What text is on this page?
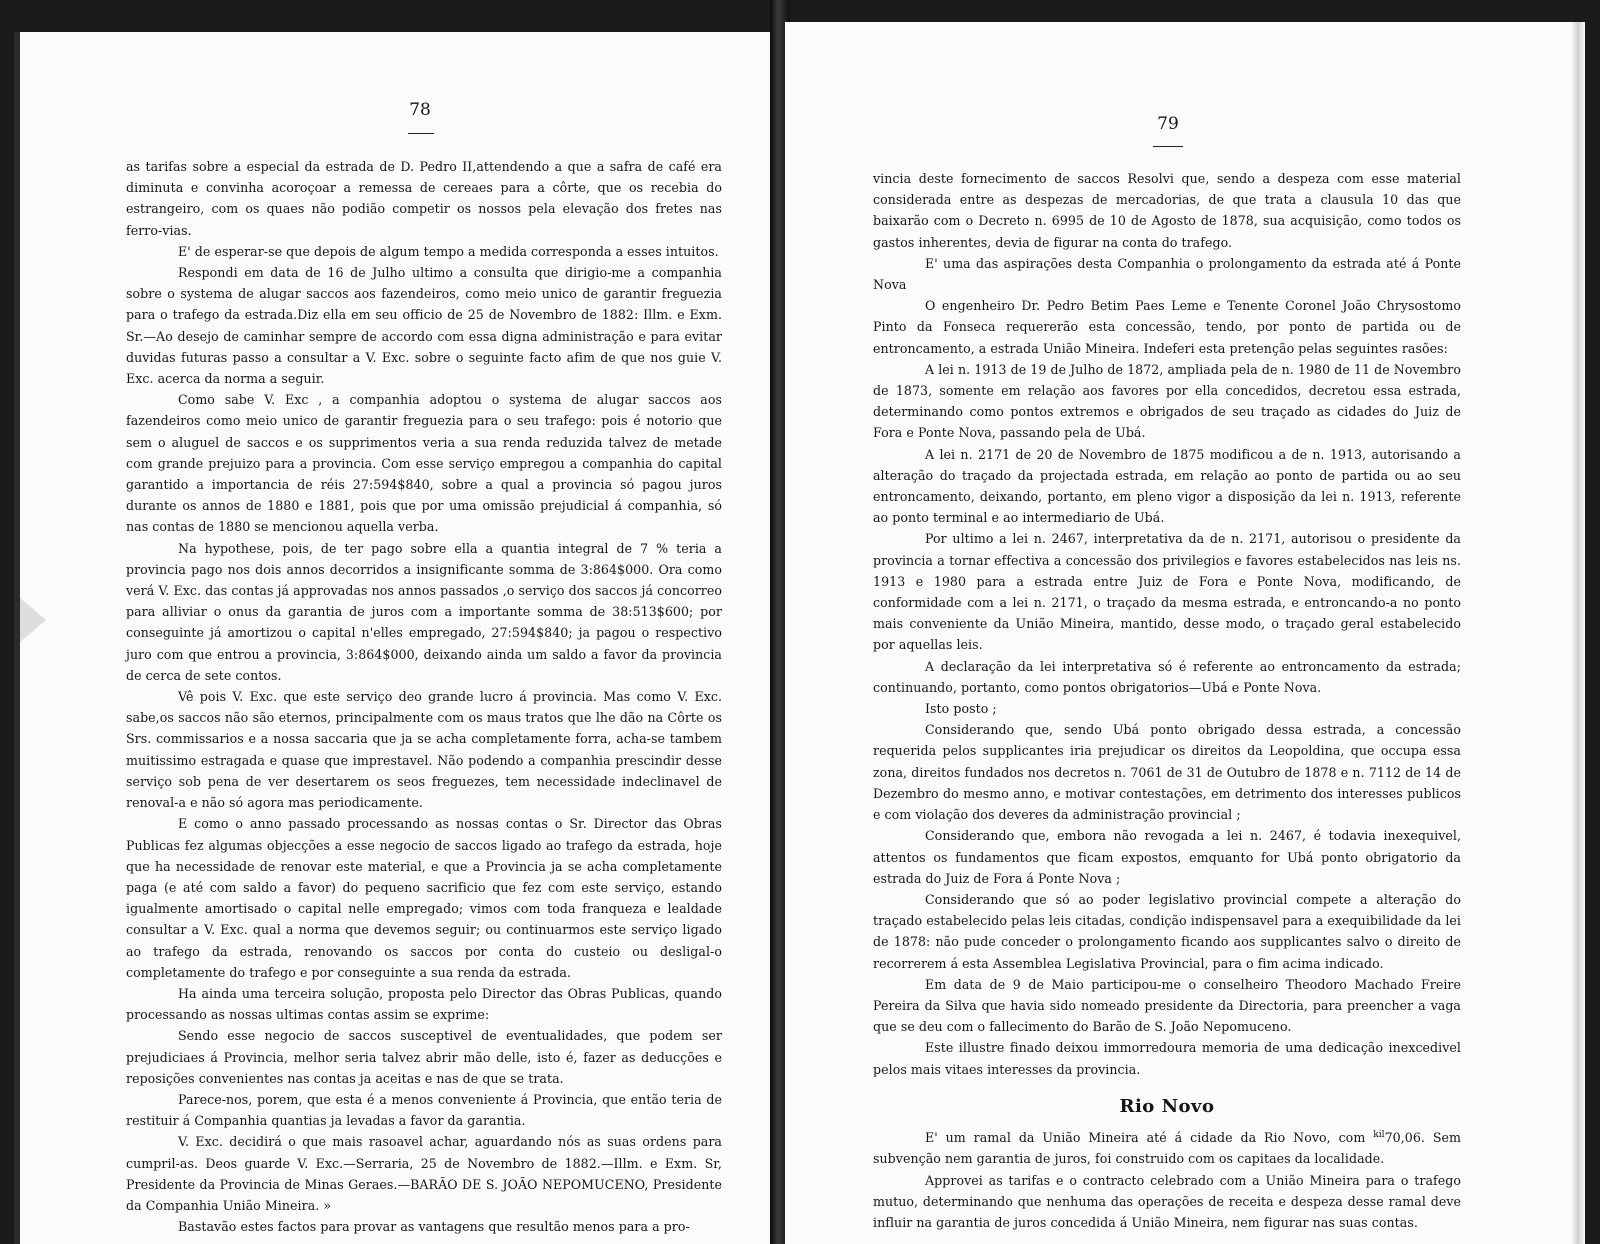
78

as tarifas sobre a especial da estrada de D. Pedro II,attendendo a que a safra de café era diminuta e convinha acoroçoar a remessa de cereaes para a côrte, que os recebia do estrangeiro, com os quaes não podião competir os nossos pela elevação dos fretes nas ferro-vias.

E' de esperar-se que depois de algum tempo a medida corresponda a esses intuitos.

Respondi em data de 16 de Julho ultimo a consulta que dirigio-me a companhia sobre o systema de alugar saccos aos fazendeiros, como meio unico de garantir freguezia para o trafego da estrada.Diz ella em seu officio de 25 de Novembro de 1882: Illm. e Exm. Sr.—Ao desejo de caminhar sempre de accordo com essa digna administração e para evitar duvidas futuras passo a consultar a V. Exc. sobre o seguinte facto afim de que nos guie V. Exc. acerca da norma a seguir.

Como sabe V. Exc , a companhia adoptou o systema de alugar saccos aos fazendeiros como meio unico de garantir freguezia para o seu trafego: pois é notorio que sem o aluguel de saccos e os supprimentos veria a sua renda reduzida talvez de metade com grande prejuizo para a provincia. Com esse serviço empregou a companhia do capital garantido a importancia de réis 27:594$840, sobre a qual a provincia só pagou juros durante os annos de 1880 e 1881, pois que por uma omissão prejudicial á companhia, só nas contas de 1880 se mencionou aquella verba.

Na hypothese, pois, de ter pago sobre ella a quantia integral de 7 % teria a provincia pago nos dois annos decorridos a insignificante somma de 3:864$000. Ora como verá V. Exc. das contas já approvadas nos annos passados ,o serviço dos saccos já concorreo para alliviar o onus da garantia de juros com a importante somma de 38:513$600; por conseguinte já amortizou o capital n'elles empregado, 27:594$840; ja pagou o respectivo juro com que entrou a provincia, 3:864$000, deixando ainda um saldo a favor da provincia de cerca de sete contos.

Vê pois V. Exc. que este serviço deo grande lucro á provincia. Mas como V. Exc. sabe,os saccos não são eternos, principalmente com os maus tratos que lhe dão na Côrte os Srs. commissarios e a nossa saccaria que ja se acha completamente forra, acha-se tambem muitissimo estragada e quase que imprestavel. Não podendo a companhia prescindir desse serviço sob pena de ver desertarem os seos freguezes, tem necessidade indeclinavel de renoval-a e não só agora mas periodicamente.

E como o anno passado processando as nossas contas o Sr. Director das Obras Publicas fez algumas objecções a esse negocio de saccos ligado ao trafego da estrada, hoje que ha necessidade de renovar este material, e que a Provincia ja se acha completamente paga (e até com saldo a favor) do pequeno sacrificio que fez com este serviço, estando igualmente amortisado o capital nelle empregado; vimos com toda franqueza e lealdade consultar a V. Exc. qual a norma que devemos seguir; ou continuarmos este serviço ligado ao trafego da estrada, renovando os saccos por conta do custeio ou desligal-o completamente do trafego e por conseguinte a sua renda da estrada.

Ha ainda uma terceira solução, proposta pelo Director das Obras Publicas, quando processando as nossas ultimas contas assim se exprime:

Sendo esse negocio de saccos susceptivel de eventualidades, que podem ser prejudiciaes á Provincia, melhor seria talvez abrir mão delle, isto é, fazer as deducções e reposições convenientes nas contas ja aceitas e nas de que se trata.

Parece-nos, porem, que esta é a menos conveniente á Provincia, que então teria de restituir á Companhia quantias ja levadas a favor da garantia.

V. Exc. decidirá o que mais rasoavel achar, aguardando nós as suas ordens para cumpril-as. Deos guarde V. Exc.—Serraria, 25 de Novembro de 1882.—Illm. e Exm. Sr, Presidente da Provincia de Minas Geraes.—BARÃO DE S. JOÃO NEPOMUCENO, Presidente da Companhia União Mineira. »

Bastavão estes factos para provar as vantagens que resultão menos para a pro-

79

vincia deste fornecimento de saccos Resolvi que, sendo a despeza com esse material considerada entre as despezas de mercadorias, de que trata a clausula 10 das que baixarão com o Decreto n. 6995 de 10 de Agosto de 1878, sua acquisição, como todos os gastos inherentes, devia de figurar na conta do trafego.

E' uma das aspirações desta Companhia o prolongamento da estrada até á Ponte Nova

O engenheiro Dr. Pedro Betim Paes Leme e Tenente Coronel João Chrysostomo Pinto da Fonseca requererão esta concessão, tendo, por ponto de partida ou de entroncamento, a estrada União Mineira. Indeferi esta pretenção pelas seguintes rasões:

A lei n. 1913 de 19 de Julho de 1872, ampliada pela de n. 1980 de 11 de Novembro de 1873, somente em relação aos favores por ella concedidos, decretou essa estrada, determinando como pontos extremos e obrigados de seu traçado as cidades do Juiz de Fora e Ponte Nova, passando pela de Ubá.

A lei n. 2171 de 20 de Novembro de 1875 modificou a de n. 1913, autorisando a alteração do traçado da projectada estrada, em relação ao ponto de partida ou ao seu entroncamento, deixando, portanto, em pleno vigor a disposição da lei n. 1913, referente ao ponto terminal e ao intermediario de Ubá.

Por ultimo a lei n. 2467, interpretativa da de n. 2171, autorisou o presidente da provincia a tornar effectiva a concessão dos privilegios e favores estabelecidos nas leis ns. 1913 e 1980 para a estrada entre Juiz de Fora e Ponte Nova, modificando, de conformidade com a lei n. 2171, o traçado da mesma estrada, e entroncando-a no ponto mais conveniente da União Mineira, mantido, desse modo, o traçado geral estabelecido por aquellas leis.

A declaração da lei interpretativa só é referente ao entroncamento da estrada; continuando, portanto, como pontos obrigatorios—Ubá e Ponte Nova.

Isto posto ;

Considerando que, sendo Ubá ponto obrigado dessa estrada, a concessão requerida pelos supplicantes iria prejudicar os direitos da Leopoldina, que occupa essa zona, direitos fundados nos decretos n. 7061 de 31 de Outubro de 1878 e n. 7112 de 14 de Dezembro do mesmo anno, e motivar contestações, em detrimento dos interesses publicos e com violação dos deveres da administração provincial ;

Considerando que, embora não revogada a lei n. 2467, é todavia inexequivel, attentos os fundamentos que ficam expostos, emquanto for Ubá ponto obrigatorio da estrada do Juiz de Fora á Ponte Nova ;

Considerando que só ao poder legislativo provincial compete a alteração do traçado estabelecido pelas leis citadas, condição indispensavel para a exequibilidade da lei de 1878: não pude conceder o prolongamento ficando aos supplicantes salvo o direito de recorrerem á esta Assemblea Legislativa Provincial, para o fim acima indicado.

Em data de 9 de Maio participou-me o conselheiro Theodoro Machado Freire Pereira da Silva que havia sido nomeado presidente da Directoria, para preencher a vaga que se deu com o fallecimento do Barão de S. João Nepomuceno.

Este illustre finado deixou immorredoura memoria de uma dedicação inexcedivel pelos mais vitaes interesses da provincia.

Rio Novo

E' um ramal da União Mineira até á cidade da Rio Novo, com $^{kil}$70,06. Sem subvenção nem garantia de juros, foi construido com os capitaes da localidade.

Approvei as tarifas e o contracto celebrado com a União Mineira para o trafego mutuo, determinando que nenhuma das operações de receita e despeza desse ramal deve influir na garantia de juros concedida á União Mineira, nem figurar nas suas contas.
